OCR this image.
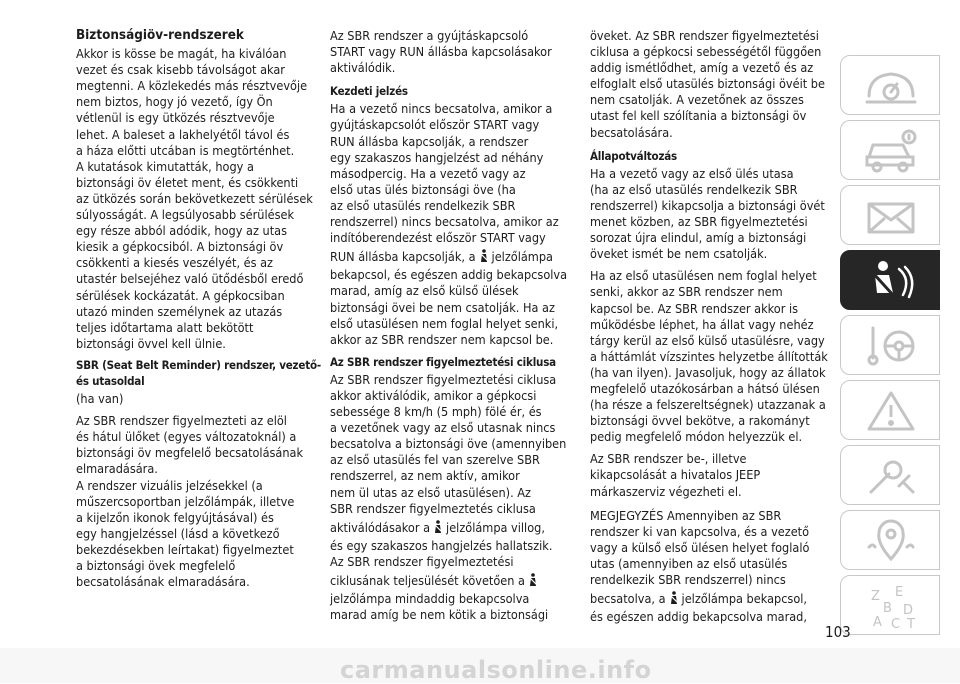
Biztonságiöv-rendszerek
Akkor is kösse be magát, ha kiválóan
vezet és csak kisebb távolságot akar
megtenni. A közlekedés más résztvevője
nem biztos, hogy jó vezető, így Ön
vétlenül is egy ütközés résztvevője
lehet. A baleset a lakhelyétől távol és
a háza előtti utcában is megtörténhet.
A kutatások kimutatták, hogy a
biztonsági öv életet ment, és csökkenti
az ütközés során bekövetkezett sérülések
súlyosságát. A legsúlyosabb sérülések
egy része abból adódik, hogy az utas
kiesik a gépkocsiból. A biztonsági öv
csökkenti a kiesés veszélyét, és az
utastér belsejéhez való ütődésből eredő
sérülések kockázatát. A gépkocsiban
utazó minden személynek az utazás
teljes időtartama alatt bekötött
biztonsági övvel kell ülnie.
SBR (Seat Belt Reminder) rendszer, vezető-
és utasoldal
(ha van)
Az SBR rendszer figyelmezteti az elöl
és hátul ülőket (egyes változatoknál) a
biztonsági öv megfelelő becsatolásának
elmaradására.
A rendszer vizuális jelzésekkel (a
műszercsoportban jelzőlámpák, illetve
a kijelzőn ikonok felgyújtásával) és
egy hangjelzéssel (lásd a következő
bekezdésekben leírtakat) figyelmeztet
a biztonsági övek megfelelő
becsatolásának elmaradására.
Az SBR rendszer a gyújtáskapcsoló
START vagy RUN állásba kapcsolásakor
aktiválódik.
Kezdeti jelzés
Ha a vezető nincs becsatolva, amikor a
gyújtáskapcsolót először START vagy
RUN állásba kapcsolják, a rendszer
egy szakaszos hangjelzést ad néhány
másodpercig. Ha a vezető vagy az
első utas ülés biztonsági öve (ha
az első utasülés rendelkezik SBR
rendszerrel) nincs becsatolva, amikor az
indítóberendezést először START vagy
RUN állásba kapcsolják, a jelzőlámpa
bekapcsol, és egészen addig bekapcsolva
marad, amíg az első külső ülések
biztonsági övei be nem csatolják. Ha az
első utasülésen nem foglal helyet senki,
akkor az SBR rendszer nem kapcsol be.
Az SBR rendszer figyelmeztetési ciklusa
Az SBR rendszer figyelmeztetési ciklusa
akkor aktiválódik, amikor a gépkocsi
sebessége 8 km/h (5 mph) fölé ér, és
a vezetőnek vagy az első utasnak nincs
becsatolva a biztonsági öve (amennyiben
az első utasülés fel van szerelve SBR
rendszerrel, az nem aktív, amikor
nem ül utas az első utasülésen). Az
SBR rendszer figyelmeztetés ciklusa
aktiválódásakor a jelzőlámpa villog,
és egy szakaszos hangjelzés hallatszik.
Az SBR rendszer figyelmeztetési
ciklusának teljesülését követően a
jelzőlámpa mindaddig bekapcsolva
marad amíg be nem kötik a biztonsági
öveket. Az SBR rendszer figyelmeztetési
ciklusa a gépkocsi sebességétől függően
addig ismétlődhet, amíg a vezető és az
elfoglalt első utasülés biztonsági övéit be
nem csatolják. A vezetőnek az összes
utast fel kell szólítania a biztonsági öv
becsatolására.
Állapotváltozás
Ha a vezető vagy az első ülés utasa
(ha az első utasülés rendelkezik SBR
rendszerrel) kikapcsolja a biztonsági övét
menet közben, az SBR figyelmeztetési
sorozat újra elindul, amíg a biztonsági
öveket ismét be nem csatolják.
Ha az első utasülésen nem foglal helyet
senki, akkor az SBR rendszer nem
kapcsol be. Az SBR rendszer akkor is
működésbe léphet, ha állat vagy nehéz
tárgy kerül az első külső utasülésre, vagy
a háttámlát vízszintes helyzetbe állították
(ha van ilyen). Javasoljuk, hogy az állatok
megfelelő utazókosárban a hátsó ülésen
(ha része a felszereltségnek) utazzanak a
biztonsági övvel bekötve, a rakományt
pedig megfelelő módon helyezzük el.
Az SBR rendszer be-, illetve
kikapcsolását a hivatalos JEEP
márkaszerviz végezheti el.
MEGJEGYZÉS Amennyiben az SBR
rendszer ki van kapcsolva, és a vezető
vagy a külső első ülésen helyet foglaló
utas (amennyiben az első utasülés
rendelkezik SBR rendszerrel) nincs
becsatolva, a jelzőlámpa bekapcsol,
és egészen addig bekapcsolva marad,
Z E
B D
A C T
103
carmanualsonline.info
